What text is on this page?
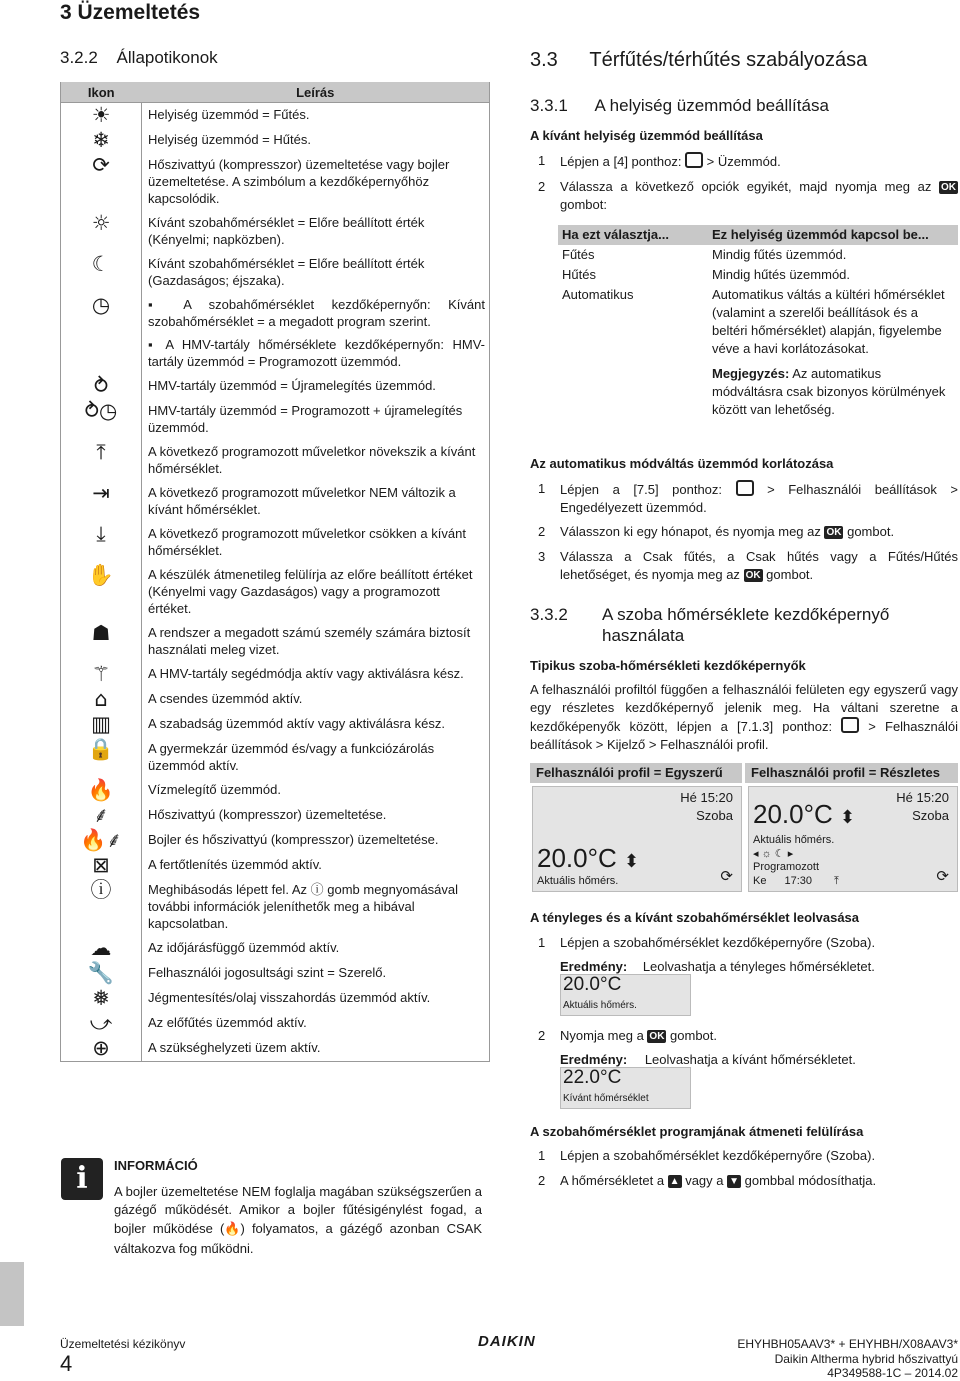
3 Üzemeltetés
3.2.2 Állapotikonok
Ikon	Leírás
☀	Helyiség üzemmód = Fűtés.
❄	Helyiség üzemmód = Hűtés.
⟳	Hőszivattyú (kompresszor) üzemeltetése vagy bojler üzemeltetése. A szimbólum a kezdőképernyőhöz kapcsolódik.
☼	Kívánt szobahőmérséklet = Előre beállított érték (Kényelmi; napközben).
☾	Kívánt szobahőmérséklet = Előre beállított érték (Gazdaságos; éjszaka).
◷	▪ A szobahőmérséklet kezdőképernyőn: Kívánt szobahőmérséklet = a megadott program szerint.
▪ A HMV-tartály hőmérséklete kezdőképernyőn: HMV-tartály üzemmód = Programozott üzemmód.

⥁	HMV-tartály üzemmód = Újramelegítés üzemmód.
⥁◷	HMV-tartály üzemmód = Programozott + újramelegítés üzemmód.
⤒	A következő programozott műveletkor növekszik a kívánt hőmérséklet.
⇥	A következő programozott műveletkor NEM változik a kívánt hőmérséklet.
⤓	A következő programozott műveletkor csökken a kívánt hőmérséklet.
✋	A készülék átmenetileg felülírja az előre beállított értéket (Kényelmi vagy Gazdaságos) vagy a programozott értéket.
☗	A rendszer a megadott számú személy számára biztosít használati meleg vizet.
⚚	A HMV-tartály segédmódja aktív vagy aktiválásra kész.
⌂	A csendes üzemmód aktív.
▥	A szabadság üzemmód aktív vagy aktiválásra kész.
🔒	A gyermekzár üzemmód és/vagy a funkciózárolás üzemmód aktív.
🔥	Vízmelegítő üzemmód.
⸙	Hőszivattyú (kompresszor) üzemeltetése.
🔥⸙	Bojler és hőszivattyú (kompresszor) üzemeltetése.
⊠	A fertőtlenítés üzemmód aktív.
ⓘ	Meghibásodás lépett fel. Az ⓘ gomb megnyomásával további információk jeleníthetők meg a hibával kapcsolatban.
☁	Az időjárásfüggő üzemmód aktív.
🔧	Felhasználói jogosultsági szint = Szerelő.
❅	Jégmentesítés/olaj visszahordás üzemmód aktív.
⤻	Az előfűtés üzemmód aktív.
⊕	A szükséghelyzeti üzem aktív.
i	INFORMÁCIÓ
A bojler üzemeltetése NEM foglalja magában szükségszerűen a gázégő működését. Amikor a bojler fűtésigénylést fogad, a bojler működése (🔥) folyamatos, a gázégő azonban CSAK váltakozva fog működni.
3.3 Térfűtés/térhűtés szabályozása
3.3.1 A helyiség üzemmód beállítása
A kívánt helyiség üzemmód beállítása
1 Lépjen a [4] ponthoz:  > Üzemmód.
2 Válassza a következő opciók egyikét, majd nyomja meg az OK gombot:
Ha ezt választja...	Ez helyiség üzemmód kapcsol be...
Fűtés	Mindig fűtés üzemmód.
Hűtés	Mindig hűtés üzemmód.
Automatikus	Automatikus váltás a kültéri hőmérséklet (valamint a szerelői beállítások és a beltéri hőmérséklet) alapján, figyelembe véve a havi korlátozásokat.
	Megjegyzés: Az automatikus módváltásra csak bizonyos körülmények között van lehetőség.
Az automatikus módváltás üzemmód korlátozása
1 Lépjen a [7.5] ponthoz:  > Felhasználói beállítások > Engedélyezett üzemmód.
2 Válasszon ki egy hónapot, és nyomja meg az OK gombot.
3 Válassza a Csak fűtés, a Csak hűtés vagy a Fűtés/Hűtés lehetőséget, és nyomja meg az OK gombot.
3.3.2 A szoba hőmérséklete kezdőképernyő használata
Tipikus szoba-hőmérsékleti kezdőképernyők
A felhasználói profiltól függően a felhasználói felületen egy egyszerű vagy egy részletes kezdőképernyő jelenik meg. Ha váltani szeretne a kezdőképenyők között, lépjen a [7.1.3] ponthoz:  > Felhasználói beállítások > Kijelző > Felhasználói profil.
Felhasználói profil = Egyszerű	Felhasználói profil = Részletes
Hé 15:20
Szoba
20.0°C ⬍
Aktuális hőmérs.	⟳
Hé 15:20
Szoba
20.0°C ⬍
Aktuális hőmérs.
◂ ☼ ☾ ▸
Programozott
Ke 17:30 ⤒	⟳
A tényleges és a kívánt szobahőmérséklet leolvasása
1 Lépjen a szobahőmérséklet kezdőképernyőre (Szoba).
Eredmény: Leolvashatja a tényleges hőmérsékletet.
20.0°C
Aktuális hőmérs.
2 Nyomja meg a OK gombot.
Eredmény: Leolvashatja a kívánt hőmérsékletet.
22.0°C
Kívánt hőmérséklet
A szobahőmérséklet programjának átmeneti felülírása
1 Lépjen a szobahőmérséklet kezdőképernyőre (Szoba).
2 A hőmérsékletet a ▲ vagy a ▼ gombbal módosíthatja.
Üzemeltetési kézikönyv
4
DAIKIN	EHYHBH05AAV3* + EHYHBH/X08AAV3*
Daikin Altherma hybrid hőszivattyú
4P349588-1C – 2014.02
